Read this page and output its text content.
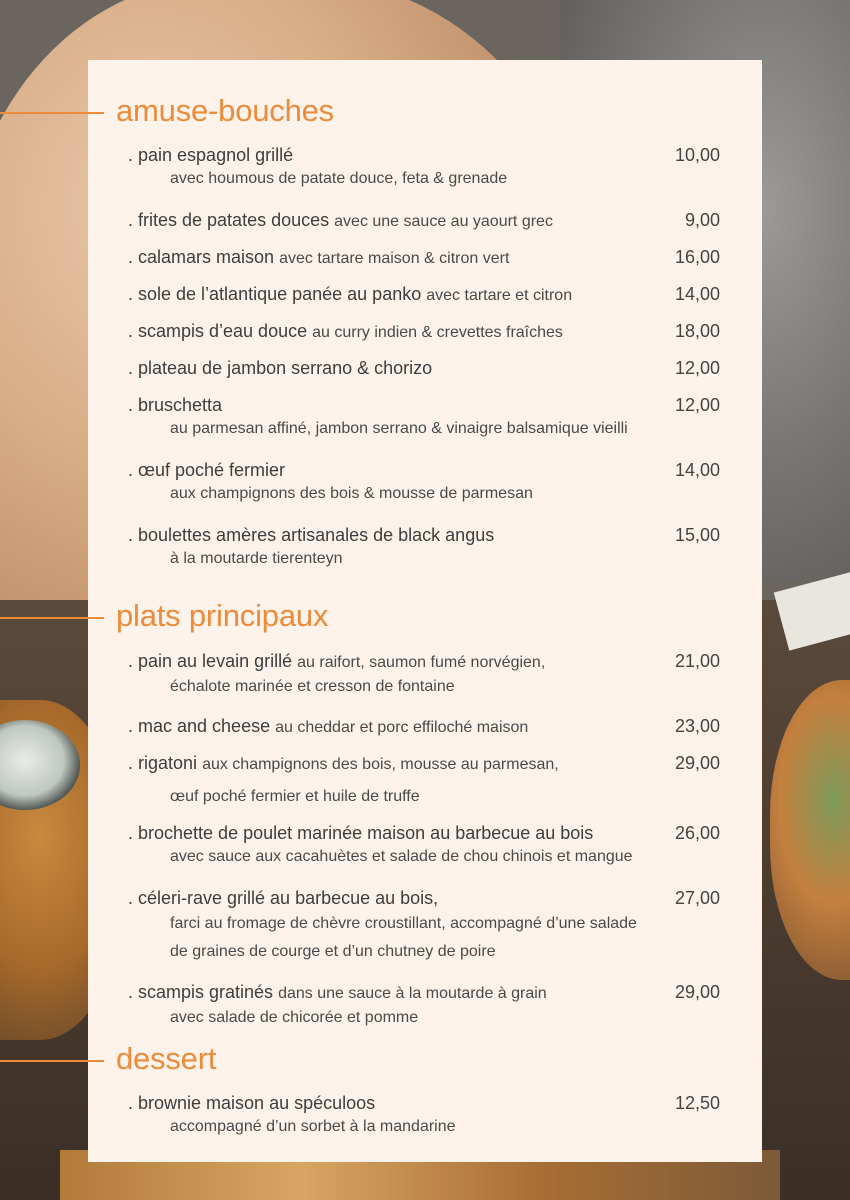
amuse-bouches
. pain espagnol grillé	10,00
avec houmous de patate douce, feta & grenade
. frites de patates douces avec une sauce au yaourt grec	9,00
. calamars maison avec tartare maison & citron vert	16,00
. sole de l’atlantique panée au panko avec tartare et citron	14,00
. scampis d’eau douce au curry indien & crevettes fraîches	18,00
. plateau de jambon serrano & chorizo	12,00
. bruschetta	12,00
au parmesan affiné, jambon serrano & vinaigre balsamique vieilli
. œuf poché fermier	14,00
aux champignons des bois & mousse de parmesan
. boulettes amères artisanales de black angus	15,00
à la moutarde tierenteyn
plats principaux
. pain au levain grillé au raifort, saumon fumé norvégien,	21,00
échalote marinée et cresson de fontaine
. mac and cheese au cheddar et porc effiloché maison	23,00
. rigatoni aux champignons des bois, mousse au parmesan,	29,00
œuf poché fermier et huile de truffe
. brochette de poulet marinée maison au barbecue au bois	26,00
avec sauce aux cacahuètes et salade de chou chinois et mangue
. céleri-rave grillé au barbecue au bois,	27,00
farci au fromage de chèvre croustillant, accompagné d’une salade
de graines de courge et d’un chutney de poire
. scampis gratinés dans une sauce à la moutarde à grain	29,00
avec salade de chicorée et pomme
dessert
. brownie maison au spéculoos	12,50
accompagné d’un sorbet à la mandarine
